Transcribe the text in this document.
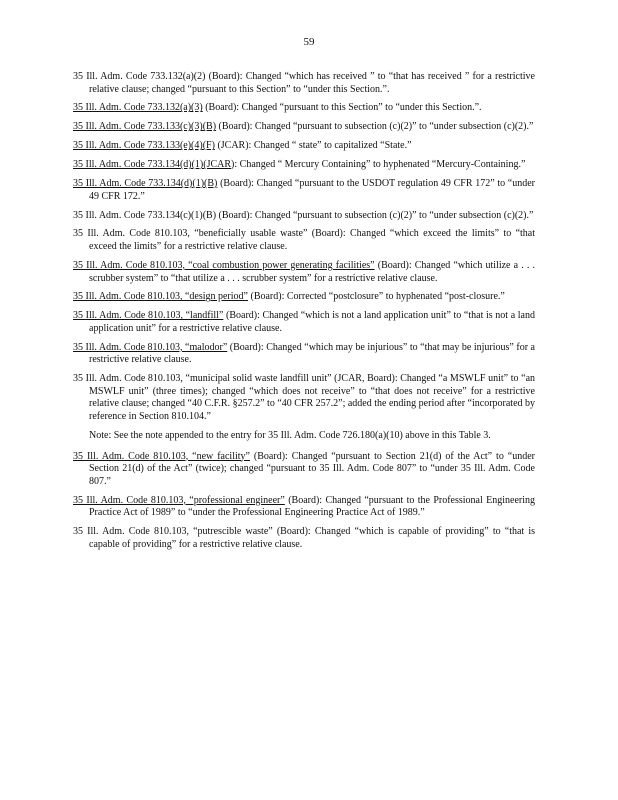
59
35 Ill. Adm. Code 733.132(a)(2) (Board): Changed “which has received ” to “that has received ” for a restrictive relative clause; changed “pursuant to this Section” to “under this Section.”.
35 Ill. Adm. Code 733.132(a)(3) (Board): Changed “pursuant to this Section” to “under this Section.”.
35 Ill. Adm. Code 733.133(c)(3)(B) (Board): Changed “pursuant to subsection (c)(2)” to “under subsection (c)(2).”
35 Ill. Adm. Code 733.133(e)(4)(F) (JCAR): Changed “ state” to capitalized “State.”
35 Ill. Adm. Code 733.134(d)(1)(JCAR): Changed “ Mercury Containing” to hyphenated “Mercury-Containing.”
35 Ill. Adm. Code 733.134(d)(1)(B) (Board): Changed “pursuant to the USDOT regulation 49 CFR 172” to “under 49 CFR 172.”
35 Ill. Adm. Code 733.134(c)(1)(B) (Board): Changed “pursuant to subsection (c)(2)” to “under subsection (c)(2).”
35 Ill. Adm. Code 810.103, “beneficially usable waste” (Board): Changed “which exceed the limits” to “that exceed the limits” for a restrictive relative clause.
35 Ill. Adm. Code 810.103, “coal combustion power generating facilities” (Board): Changed “which utilize a . . . scrubber system” to “that utilize a . . . scrubber system” for a restrictive relative clause.
35 Ill. Adm. Code 810.103, “design period” (Board): Corrected “postclosure” to hyphenated “post-closure.”
35 Ill. Adm. Code 810.103, “landfill” (Board): Changed “which is not a land application unit” to “that is not a land application unit” for a restrictive relative clause.
35 Ill. Adm. Code 810.103, “malodor” (Board): Changed “which may be injurious” to “that may be injurious” for a restrictive relative clause.
35 Ill. Adm. Code 810.103, “municipal solid waste landfill unit” (JCAR, Board): Changed “a MSWLF unit” to “an MSWLF unit” (three times); changed “which does not receive” to “that does not receive” for a restrictive relative clause; changed “40 C.F.R. §257.2” to “40 CFR 257.2”; added the ending period after “incorporated by reference in Section 810.104.”
Note: See the note appended to the entry for 35 Ill. Adm. Code 726.180(a)(10) above in this Table 3.
35 Ill. Adm. Code 810.103, “new facility” (Board): Changed “pursuant to Section 21(d) of the Act” to “under Section 21(d) of the Act” (twice); changed “pursuant to 35 Ill. Adm. Code 807” to “under 35 Ill. Adm. Code 807.”
35 Ill. Adm. Code 810.103, “professional engineer” (Board): Changed “pursuant to the Professional Engineering Practice Act of 1989” to “under the Professional Engineering Practice Act of 1989.”
35 Ill. Adm. Code 810.103, “putrescible waste” (Board): Changed “which is capable of providing” to “that is capable of providing” for a restrictive relative clause.
